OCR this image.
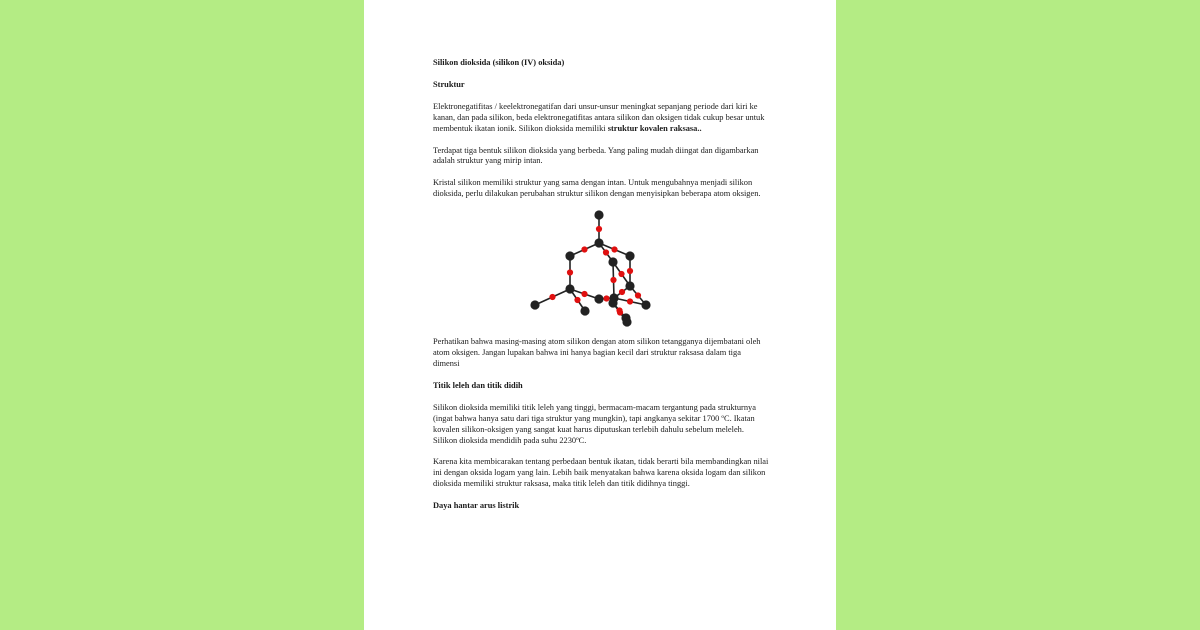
Silikon dioksida (silikon (IV) oksida)
Struktur
Elektronegatifitas / keelektronegatifan dari unsur-unsur meningkat sepanjang periode dari kiri ke kanan, dan pada silikon, beda elektronegatifitas antara silikon dan oksigen tidak cukup besar untuk membentuk ikatan ionik. Silikon dioksida memiliki struktur kovalen raksasa..
Terdapat tiga bentuk silikon dioksida yang berbeda. Yang paling mudah diingat dan digambarkan adalah struktur yang mirip intan.
Kristal silikon memiliki struktur yang sama dengan intan. Untuk mengubahnya menjadi silikon dioksida, perlu dilakukan perubahan struktur silikon dengan menyisipkan beberapa atom oksigen.
Perhatikan bahwa masing-masing atom silikon dengan atom silikon tetangganya dijembatani oleh atom oksigen. Jangan lupakan bahwa ini hanya bagian kecil dari struktur raksasa dalam tiga dimensi
Titik leleh dan titik didih
Silikon dioksida memiliki titik leleh yang tinggi, bermacam-macam tergantung pada strukturnya (ingat bahwa hanya satu dari tiga struktur yang mungkin), tapi angkanya sekitar 1700 ºC. Ikatan kovalen silikon-oksigen yang sangat kuat harus diputuskan terlebih dahulu sebelum meleleh. Silikon dioksida mendidih pada suhu 2230ºC.
Karena kita membicarakan tentang perbedaan bentuk ikatan, tidak berarti bila membandingkan nilai ini dengan oksida logam yang lain. Lebih baik menyatakan bahwa karena oksida logam dan silikon dioksida memiliki struktur raksasa, maka titik leleh dan titik didihnya tinggi.
Daya hantar arus listrik
